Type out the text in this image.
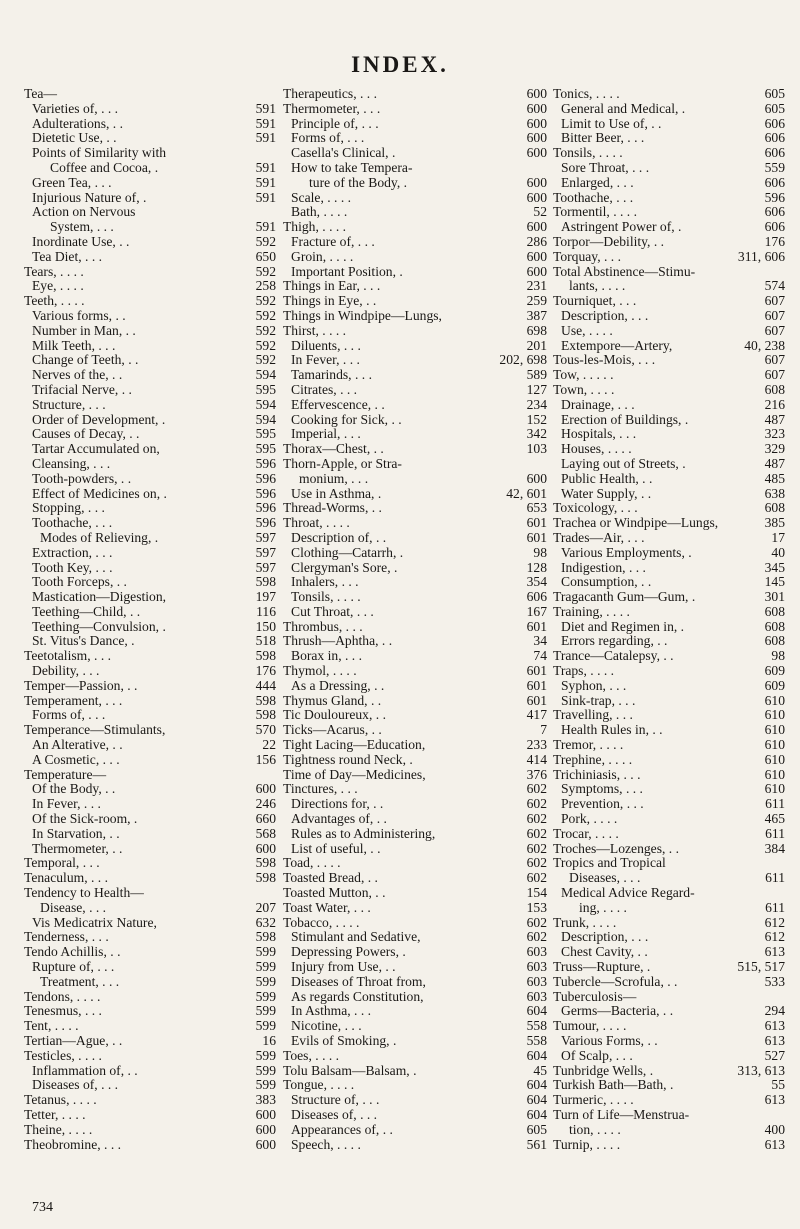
INDEX.
Tea—
Varieties of, . . .	591
Adulterations, . .	591
Dietetic Use, . .	591
Points of Similarity with
Coffee and Cocoa, .	591
Green Tea, . . .	591
Injurious Nature of, .	591
Action on Nervous
System, . . .	591
Inordinate Use, . .	592
Tea Diet, . . .	650
Tears, . . . .	592
Eye, . . . .	258
Teeth, . . . .	592
Various forms, . .	592
Number in Man, . .	592
Milk Teeth, . . .	592
Change of Teeth, . .	592
Nerves of the, . .	594
Trifacial Nerve, . .	595
Structure, . . .	594
Order of Development, .	594
Causes of Decay, . .	595
Tartar Accumulated on,	595
Cleansing, . . .	596
Tooth-powders, . .	596
Effect of Medicines on, .	596
Stopping, . . .	596
Toothache, . . .	596
Modes of Relieving, .	597
Extraction, . . .	597
Tooth Key, . . .	597
Tooth Forceps, . .	598
Mastication—Digestion,	197
Teething—Child, . .	116
Teething—Convulsion, .	150
St. Vitus's Dance, .	518
Teetotalism, . . .	598
Debility, . . .	176
Temper—Passion, . .	444
Temperament, . . .	598
Forms of, . . .	598
Temperance—Stimulants,	570
An Alterative, . .	22
A Cosmetic, . . .	156
Temperature—
Of the Body, . .	600
In Fever, . . .	246
Of the Sick-room, .	660
In Starvation, . .	568
Thermometer, . .	600
Temporal, . . .	598
Tenaculum, . . .	598
Tendency to Health—
Disease, . . .	207
Vis Medicatrix Nature,	632
Tenderness, . . .	598
Tendo Achillis, . .	599
Rupture of, . . .	599
Treatment, . . .	599
Tendons, . . . .	599
Tenesmus, . . .	599
Tent, . . . .	599
Tertian—Ague, . .	16
Testicles, . . . .	599
Inflammation of, . .	599
Diseases of, . . .	599
Tetanus, . . . .	383
Tetter, . . . .	600
Theine, . . . .	600
Theobromine, . . .	600
Therapeutics, . . .	600
Thermometer, . . .	600
Principle of, . . .	600
Forms of, . . .	600
Casella's Clinical, .	600
How to take Tempera-
ture of the Body, .	600
Scale, . . . .	600
Bath, . . . .	52
Thigh, . . . .	600
Fracture of, . . .	286
Groin, . . . .	600
Important Position, .	600
Things in Ear, . . .	231
Things in Eye, . .	259
Things in Windpipe—Lungs,	387
Thirst, . . . .	698
Diluents, . . .	201
In Fever, . . .	202, 698
Tamarinds, . . .	589
Citrates, . . .	127
Effervescence, . .	234
Cooking for Sick, . .	152
Imperial, . . .	342
Thorax—Chest, . .	103
Thorn-Apple, or Stra-
monium, . . .	600
Use in Asthma, .	42, 601
Thread-Worms, . .	653
Throat, . . . .	601
Description of, . .	601
Clothing—Catarrh, .	98
Clergyman's Sore, .	128
Inhalers, . . .	354
Tonsils, . . . .	606
Cut Throat, . . .	167
Thrombus, . . .	601
Thrush—Aphtha, . .	34
Borax in, . . .	74
Thymol, . . . .	601
As a Dressing, . .	601
Thymus Gland, . .	601
Tic Douloureux, . .	417
Ticks—Acarus, . .	7
Tight Lacing—Education,	233
Tightness round Neck, .	414
Time of Day—Medicines,	376
Tinctures, . . .	602
Directions for, . .	602
Advantages of, . .	602
Rules as to Administering,	602
List of useful, . .	602
Toad, . . . .	602
Toasted Bread, . .	602
Toasted Mutton, . .	154
Toast Water, . . .	153
Tobacco, . . . .	602
Stimulant and Sedative,	602
Depressing Powers, .	603
Injury from Use, . .	603
Diseases of Throat from,	603
As regards Constitution,	603
In Asthma, . . .	604
Nicotine, . . .	558
Evils of Smoking, .	558
Toes, . . . .	604
Tolu Balsam—Balsam, .	45
Tongue, . . . .	604
Structure of, . . .	604
Diseases of, . . .	604
Appearances of, . .	605
Speech, . . . .	561
Tonics, . . . .	605
General and Medical, .	605
Limit to Use of, . .	606
Bitter Beer, . . .	606
Tonsils, . . . .	606
Sore Throat, . . .	559
Enlarged, . . .	606
Toothache, . . .	596
Tormentil, . . . .	606
Astringent Power of, .	606
Torpor—Debility, . .	176
Torquay, . . .	311, 606
Total Abstinence—Stimu-
lants, . . . .	574
Tourniquet, . . .	607
Description, . . .	607
Use, . . . .	607
Extempore—Artery,	40, 238
Tous-les-Mois, . . .	607
Tow, . . . . .	607
Town, . . . .	608
Drainage, . . .	216
Erection of Buildings, .	487
Hospitals, . . .	323
Houses, . . . .	329
Laying out of Streets, .	487
Public Health, . .	485
Water Supply, . .	638
Toxicology, . . .	608
Trachea or Windpipe—Lungs,	385
Trades—Air, . . .	17
Various Employments, .	40
Indigestion, . . .	345
Consumption, . .	145
Tragacanth Gum—Gum, .	301
Training, . . . .	608
Diet and Regimen in, .	608
Errors regarding, . .	608
Trance—Catalepsy, . .	98
Traps, . . . .	609
Syphon, . . .	609
Sink-trap, . . .	610
Travelling, . . .	610
Health Rules in, . .	610
Tremor, . . . .	610
Trephine, . . . .	610
Trichiniasis, . . .	610
Symptoms, . . .	610
Prevention, . . .	611
Pork, . . . .	465
Trocar, . . . .	611
Troches—Lozenges, . .	384
Tropics and Tropical
Diseases, . . .	611
Medical Advice Regard-
ing, . . . .	611
Trunk, . . . .	612
Description, . . .	612
Chest Cavity, . .	613
Truss—Rupture, .	515, 517
Tubercle—Scrofula, . .	533
Tuberculosis—
Germs—Bacteria, . .	294
Tumour, . . . .	613
Various Forms, . .	613
Of Scalp, . . .	527
Tunbridge Wells, .	313, 613
Turkish Bath—Bath, .	55
Turmeric, . . . .	613
Turn of Life—Menstrua-
tion, . . . .	400
Turnip, . . . .	613
734
